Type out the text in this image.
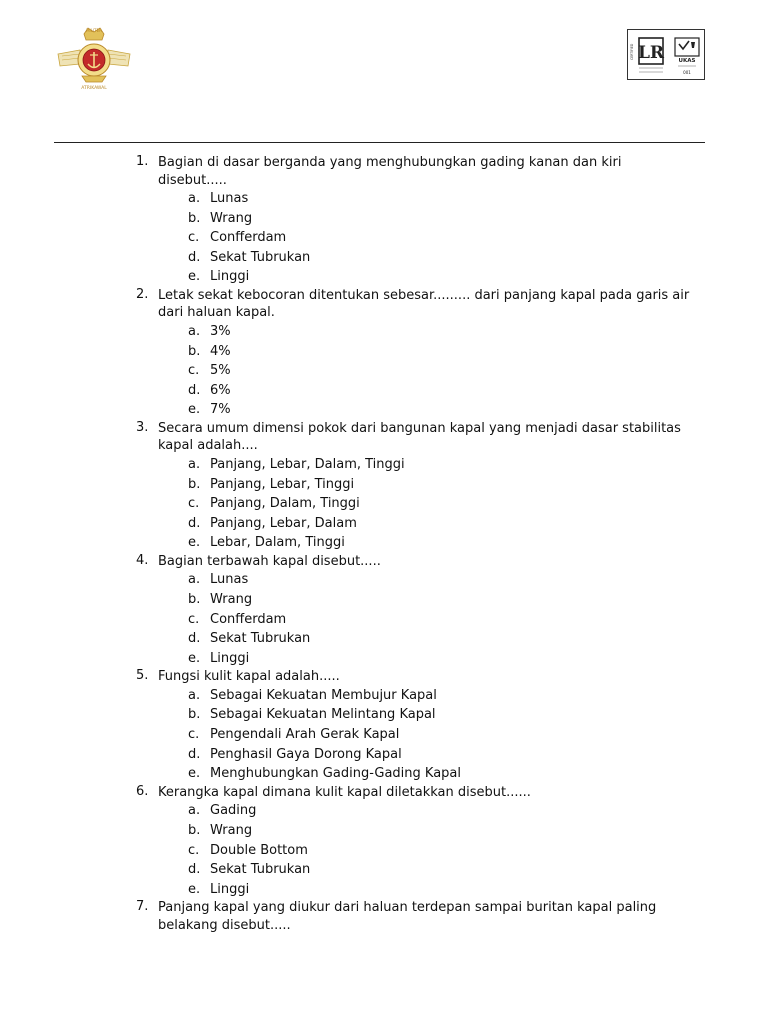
MILITER
ATRIKAWAL
LR
CERTIFIED
UKAS
001
1. Bagian di dasar berganda yang menghubungkan gading kanan dan kiri disebut.....
a. Lunas
b. Wrang
c. Confferdam
d. Sekat Tubrukan
e. Linggi
2. Letak sekat kebocoran ditentukan sebesar......... dari panjang kapal pada garis air dari haluan kapal.
a. 3%
b. 4%
c. 5%
d. 6%
e. 7%
3. Secara umum dimensi pokok dari bangunan kapal yang menjadi dasar stabilitas kapal adalah....
a. Panjang, Lebar, Dalam, Tinggi
b. Panjang, Lebar, Tinggi
c. Panjang, Dalam, Tinggi
d. Panjang, Lebar, Dalam
e. Lebar, Dalam, Tinggi
4. Bagian terbawah kapal disebut.....
a. Lunas
b. Wrang
c. Confferdam
d. Sekat Tubrukan
e. Linggi
5. Fungsi kulit kapal adalah.....
a. Sebagai Kekuatan Membujur Kapal
b. Sebagai Kekuatan Melintang Kapal
c. Pengendali Arah Gerak Kapal
d. Penghasil Gaya Dorong Kapal
e. Menghubungkan Gading-Gading Kapal
6. Kerangka kapal dimana kulit kapal diletakkan disebut......
a. Gading
b. Wrang
c. Double Bottom
d. Sekat Tubrukan
e. Linggi
7. Panjang kapal yang diukur dari haluan terdepan sampai buritan kapal paling belakang disebut.....
